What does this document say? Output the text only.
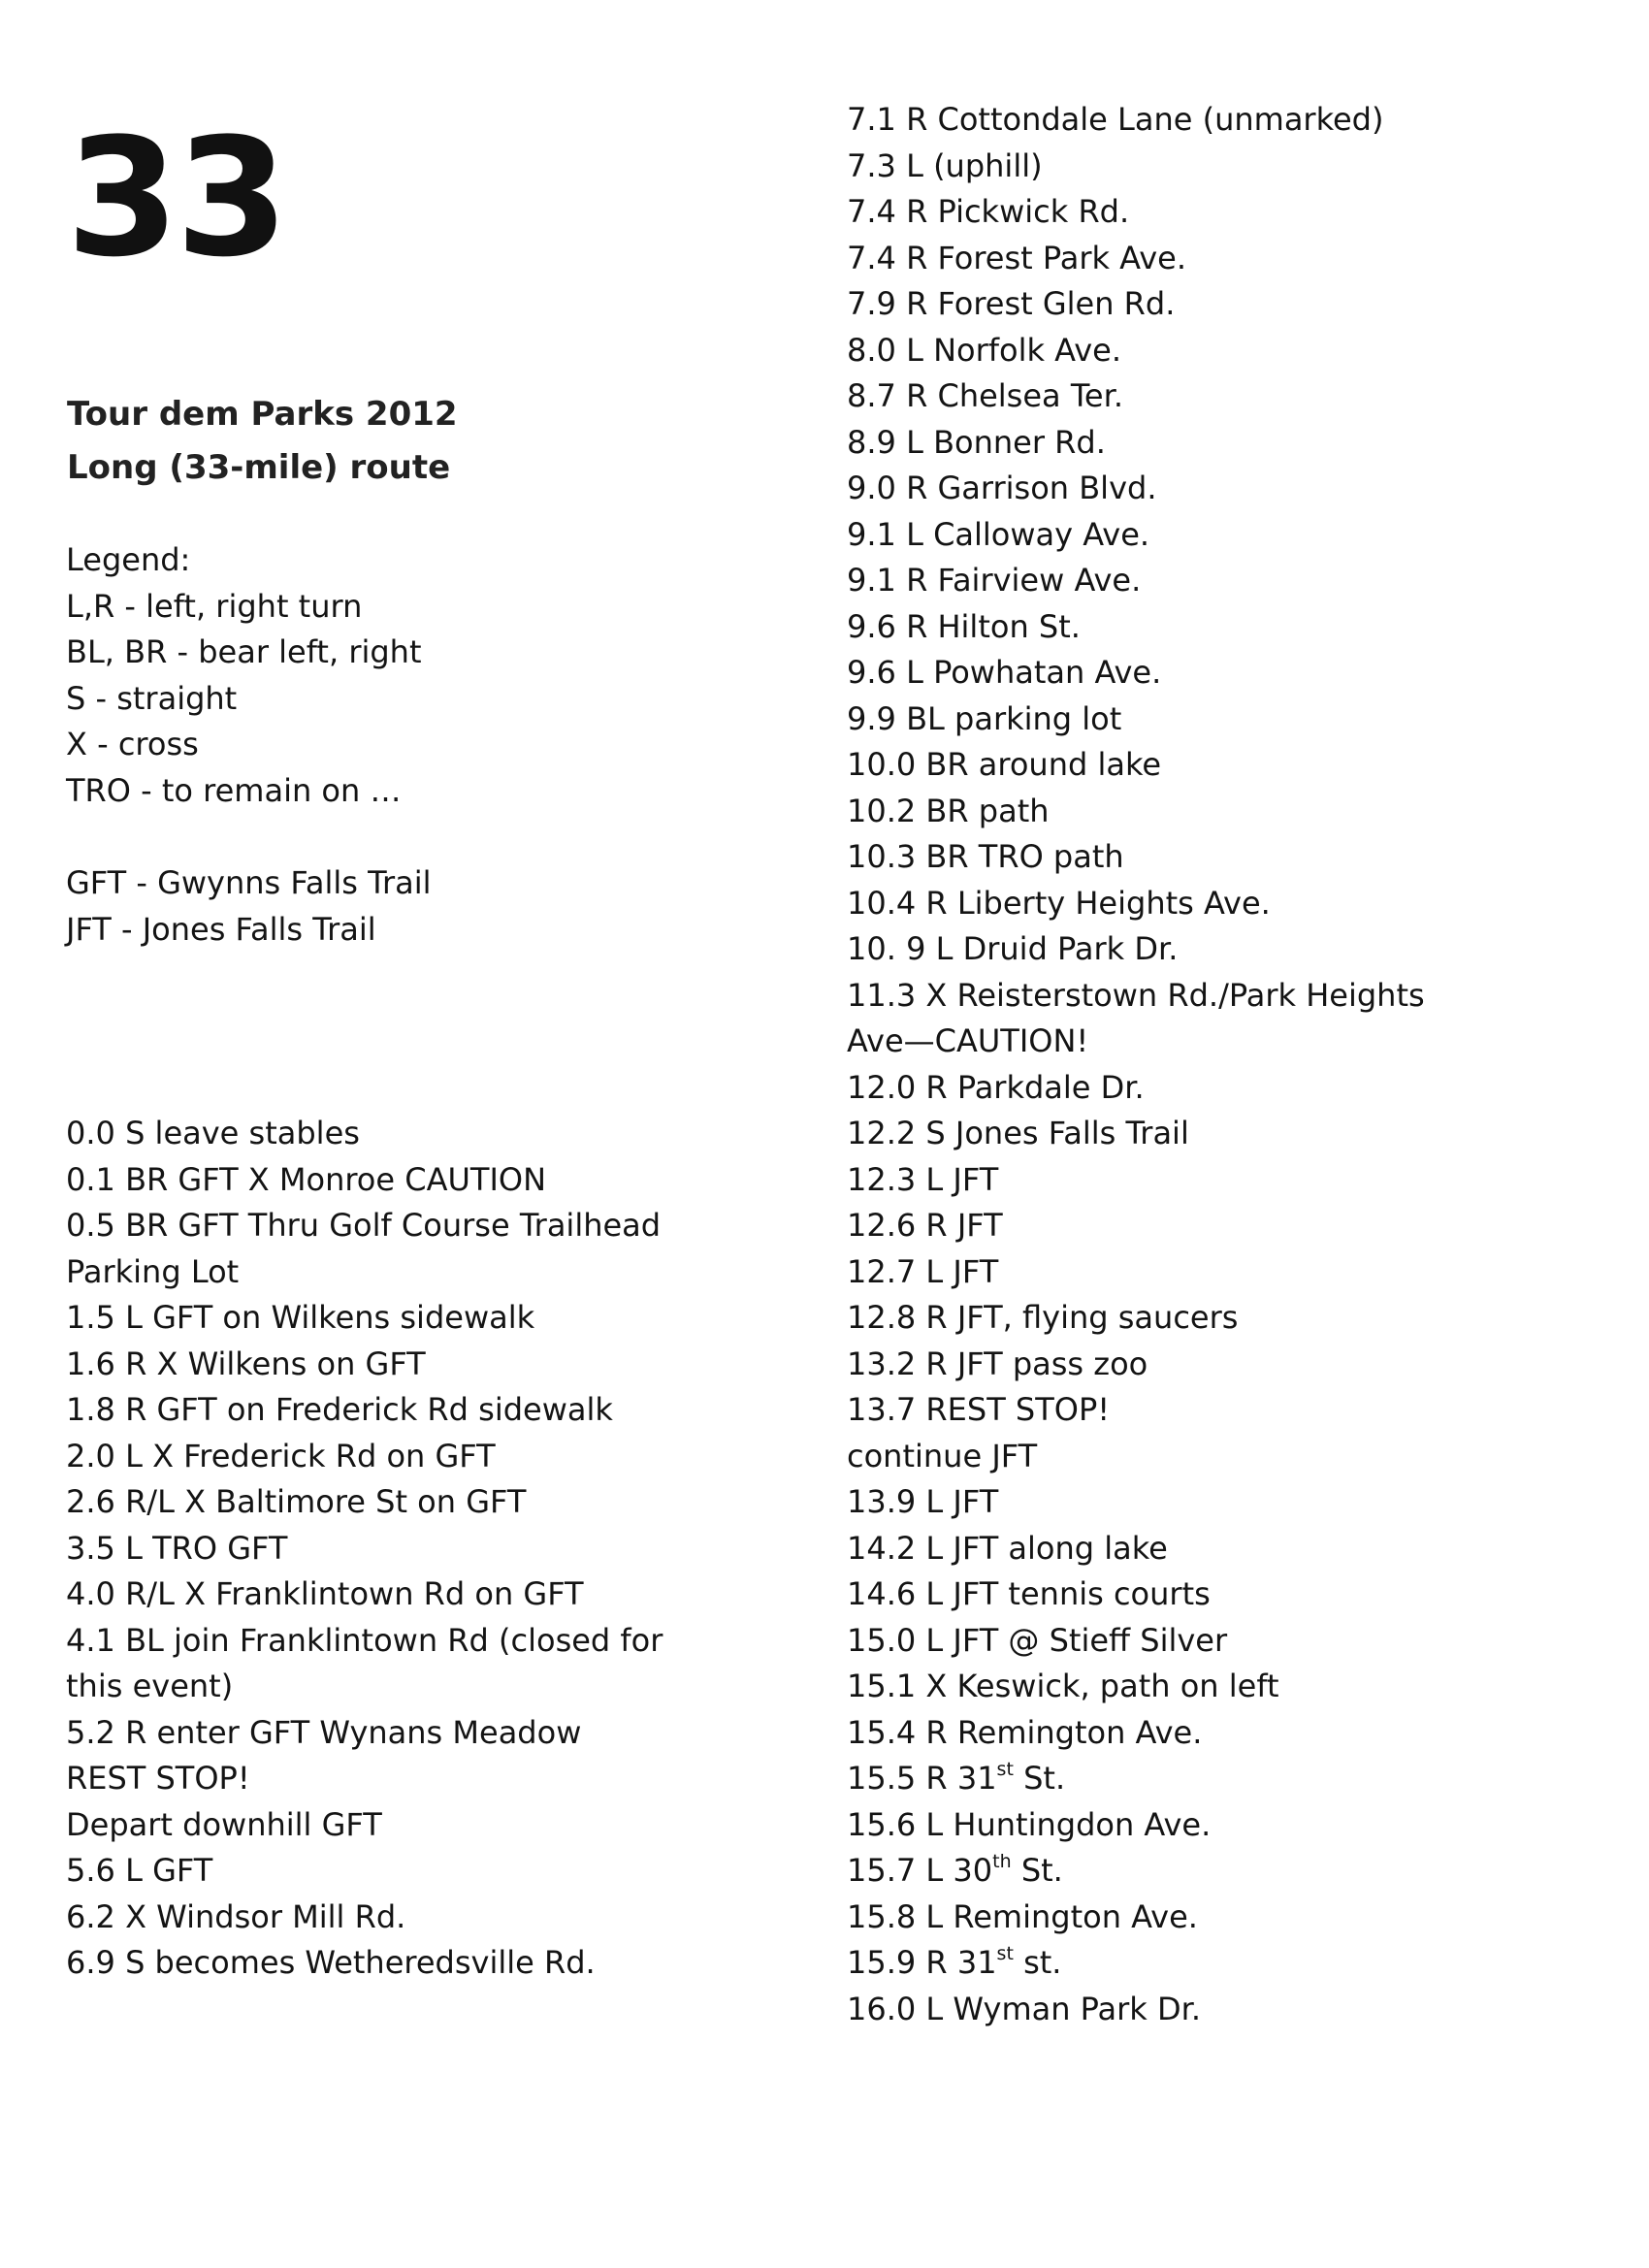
33
Tour dem Parks 2012
Long (33-mile) route
Legend:
L,R - left, right turn
BL, BR - bear left, right
S - straight
X - cross
TRO - to remain on …
GFT - Gwynns Falls Trail
JFT - Jones Falls Trail
0.0 S leave stables
0.1 BR GFT X Monroe CAUTION
0.5 BR GFT Thru Golf Course Trailhead
Parking Lot
1.5 L GFT on Wilkens sidewalk
1.6 R X Wilkens on GFT
1.8 R GFT on Frederick Rd sidewalk
2.0 L X Frederick Rd on GFT
2.6 R/L X Baltimore St on GFT
3.5 L TRO GFT
4.0 R/L X Franklintown Rd on GFT
4.1 BL join Franklintown Rd (closed for
this event)
5.2 R enter GFT Wynans Meadow
REST STOP!
Depart downhill GFT
5.6 L GFT
6.2 X Windsor Mill Rd.
6.9 S becomes Wetheredsville Rd.
7.1 R Cottondale Lane (unmarked)
7.3 L (uphill)
7.4 R Pickwick Rd.
7.4 R Forest Park Ave.
7.9 R Forest Glen Rd.
8.0 L Norfolk Ave.
8.7 R Chelsea Ter.
8.9 L Bonner Rd.
9.0 R Garrison Blvd.
9.1 L Calloway Ave.
9.1 R Fairview Ave.
9.6 R Hilton St.
9.6 L Powhatan Ave.
9.9 BL parking lot
10.0 BR around lake
10.2 BR path
10.3 BR TRO path
10.4 R Liberty Heights Ave.
10. 9 L Druid Park Dr.
11.3 X Reisterstown Rd./Park Heights
Ave—CAUTION!
12.0 R Parkdale Dr.
12.2 S Jones Falls Trail
12.3 L JFT
12.6 R JFT
12.7 L JFT
12.8 R JFT, flying saucers
13.2 R JFT pass zoo
13.7 REST STOP!
continue JFT
13.9 L JFT
14.2 L JFT along lake
14.6 L JFT tennis courts
15.0 L JFT @ Stieff Silver
15.1 X Keswick, path on left
15.4 R Remington Ave.
15.5 R 31st St.
15.6 L Huntingdon Ave.
15.7 L 30th St.
15.8 L Remington Ave.
15.9 R 31st st.
16.0 L Wyman Park Dr.
